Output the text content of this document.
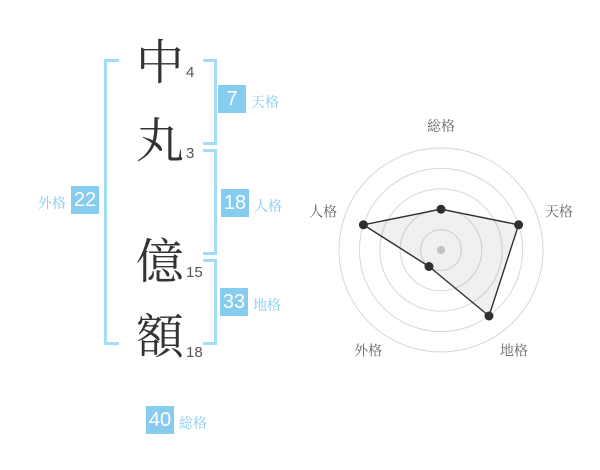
中 4
丸 3
億 15
額 18
7 天格
18 人格
33 地格
22
外格
40 総格
総格
天格
地格
外格
人格
